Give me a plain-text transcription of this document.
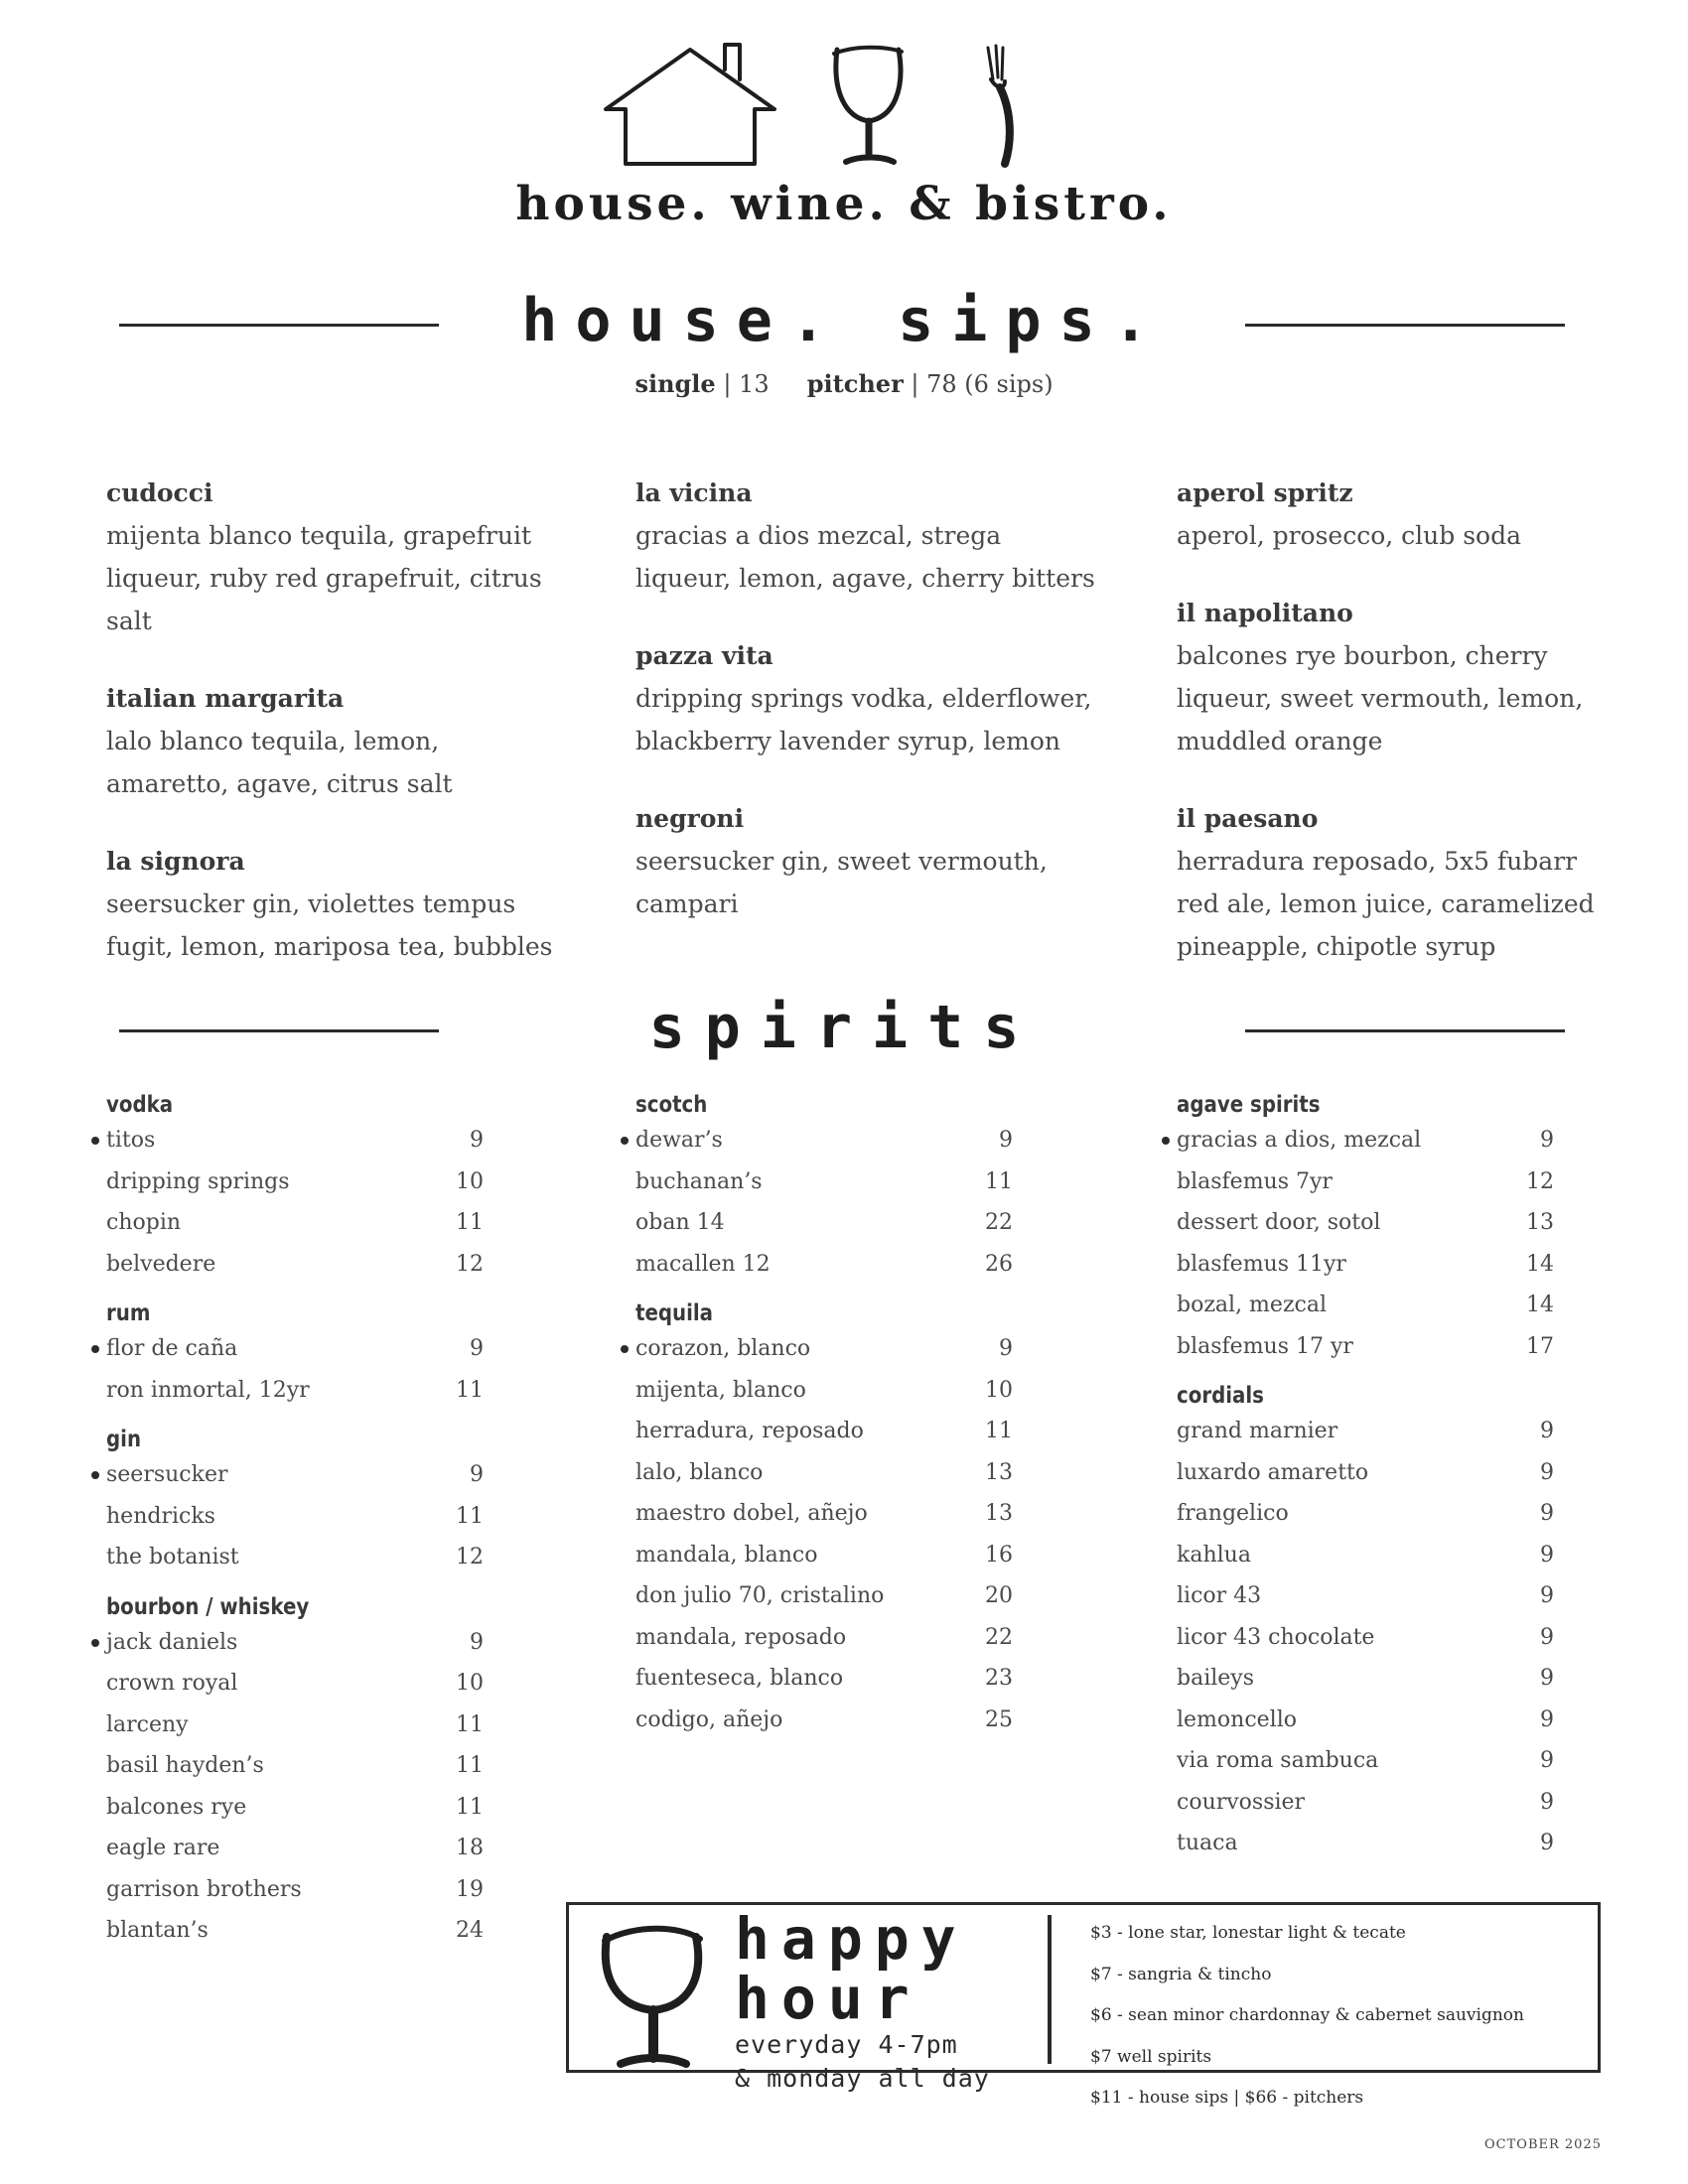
house. wine. & bistro.
house. sips.
single | 13 pitcher | 78 (6 sips)
cudocci
mijenta blanco tequila, grapefruit liqueur, ruby red grapefruit, citrus salt
italian margarita
lalo blanco tequila, lemon, amaretto, agave, citrus salt
la signora
seersucker gin, violettes tempus fugit, lemon, mariposa tea, bubbles
la vicina
gracias a dios mezcal, strega liqueur, lemon, agave, cherry bitters
pazza vita
dripping springs vodka, elderflower, blackberry lavender syrup, lemon
negroni
seersucker gin, sweet vermouth, campari
aperol spritz
aperol, prosecco, club soda
il napolitano
balcones rye bourbon, cherry liqueur, sweet vermouth, lemon, muddled orange
il paesano
herradura reposado, 5x5 fubarr red ale, lemon juice, caramelized pineapple, chipotle syrup
spirits
vodka
titos	9
dripping springs	10
chopin	11
belvedere	12
rum
flor de caña	9
ron inmortal, 12yr	11
gin
seersucker	9
hendricks	11
the botanist	12
bourbon / whiskey
jack daniels	9
crown royal	10
larceny	11
basil hayden’s	11
balcones rye	11
eagle rare	18
garrison brothers	19
blantan’s	24
scotch
dewar’s	9
buchanan’s	11
oban 14	22
macallen 12	26
tequila
corazon, blanco	9
mijenta, blanco	10
herradura, reposado	11
lalo, blanco	13
maestro dobel, añejo	13
mandala, blanco	16
don julio 70, cristalino	20
mandala, reposado	22
fuenteseca, blanco	23
codigo, añejo	25
agave spirits
gracias a dios, mezcal	9
blasfemus 7yr	12
dessert door, sotol	13
blasfemus 11yr	14
bozal, mezcal	14
blasfemus 17 yr	17
cordials
grand marnier	9
luxardo amaretto	9
frangelico	9
kahlua	9
licor 43	9
licor 43 chocolate	9
baileys	9
lemoncello	9
via roma sambuca	9
courvossier	9
tuaca	9
happy
hour
everyday 4-7pm
& monday all day
$3 - lone star, lonestar light & tecate
$7 - sangria & tincho
$6 - sean minor chardonnay & cabernet sauvignon
$7 well spirits
$11 - house sips | $66 - pitchers
OCTOBER 2025
